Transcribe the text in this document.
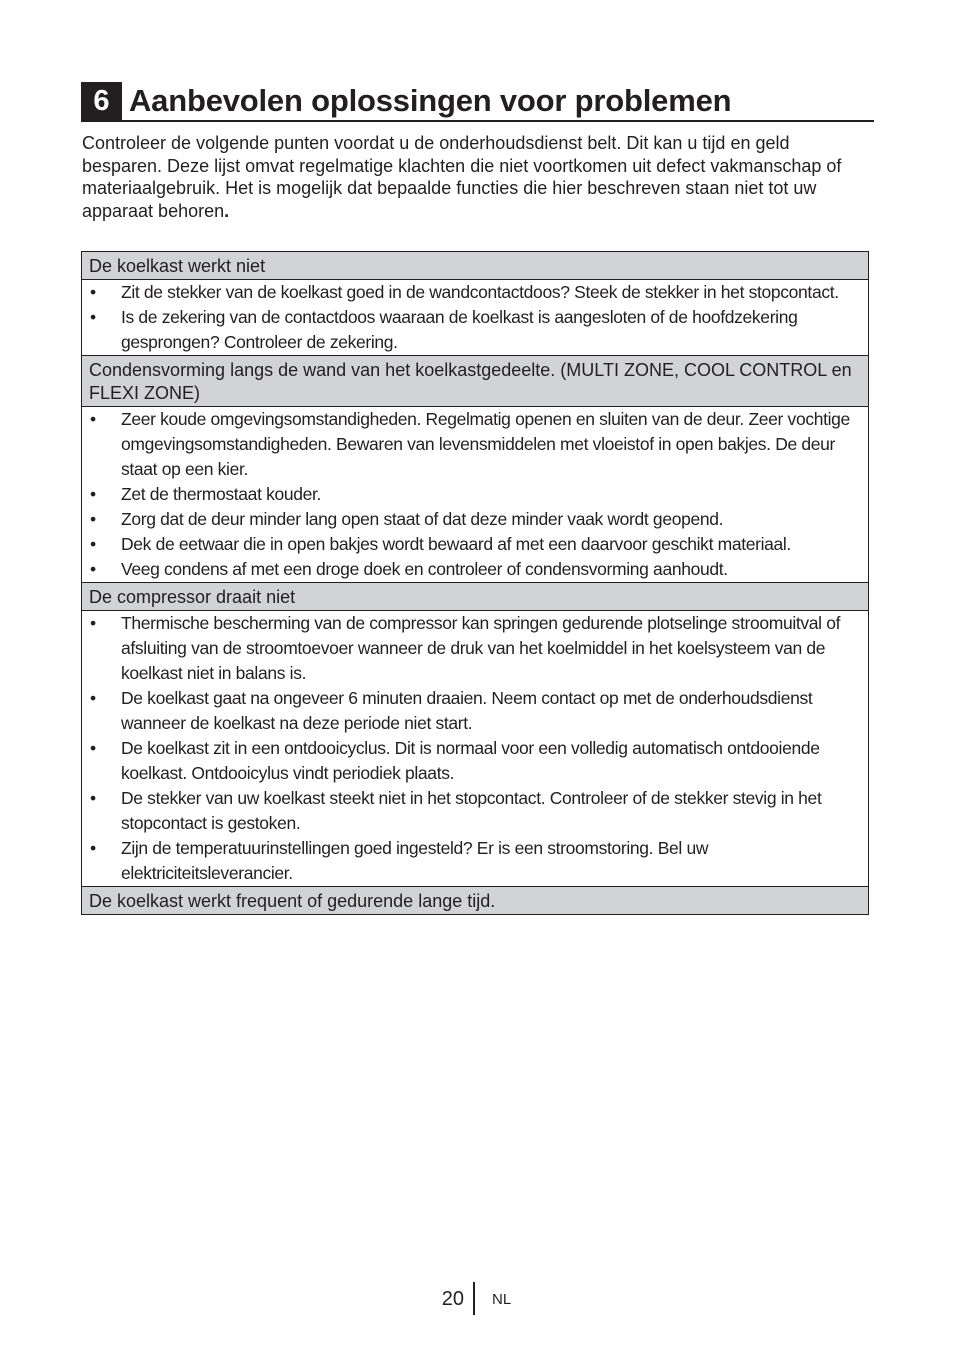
6 Aanbevolen oplossingen voor problemen

Controleer de volgende punten voordat u de onderhoudsdienst belt. Dit kan u tijd en geld besparen. Deze lijst omvat regelmatige klachten die niet voortkomen uit defect vakmanschap of materiaalgebruik. Het is mogelijk dat bepaalde functies die hier beschreven staan niet tot uw apparaat behoren.

De koelkast werkt niet

• Zit de stekker van de koelkast goed in de wandcontactdoos? Steek de stekker in het stopcontact.
• Is de zekering van de contactdoos waaraan de koelkast is aangesloten of de hoofdzekering gesprongen? Controleer de zekering.

Condensvorming langs de wand van het koelkastgedeelte. (MULTI ZONE, COOL CONTROL en FLEXI ZONE)

• Zeer koude omgevingsomstandigheden. Regelmatig openen en sluiten van de deur. Zeer vochtige omgevingsomstandigheden. Bewaren van levensmiddelen met vloeistof in open bakjes. De deur staat op een kier.
• Zet de thermostaat kouder.
• Zorg dat de deur minder lang open staat of dat deze minder vaak wordt geopend.
• Dek de eetwaar die in open bakjes wordt bewaard af met een daarvoor geschikt materiaal.
• Veeg condens af met een droge doek en controleer of condensvorming aanhoudt.

De compressor draait niet

• Thermische bescherming van de compressor kan springen gedurende plotselinge stroomuitval of afsluiting van de stroomtoevoer wanneer de druk van het koelmiddel in het koelsysteem van de koelkast niet in balans is.
• De koelkast gaat na ongeveer 6 minuten draaien. Neem contact op met de onderhoudsdienst wanneer de koelkast na deze periode niet start.
• De koelkast zit in een ontdooicyclus. Dit is normaal voor een volledig automatisch ontdooiende koelkast. Ontdooicylus vindt periodiek plaats.
• De stekker van uw koelkast steekt niet in het stopcontact. Controleer of de stekker stevig in het stopcontact is gestoken.
• Zijn de temperatuurinstellingen goed ingesteld? Er is een stroomstoring. Bel uw elektriciteitsleverancier.

De koelkast werkt frequent of gedurende lange tijd.
20 NL
